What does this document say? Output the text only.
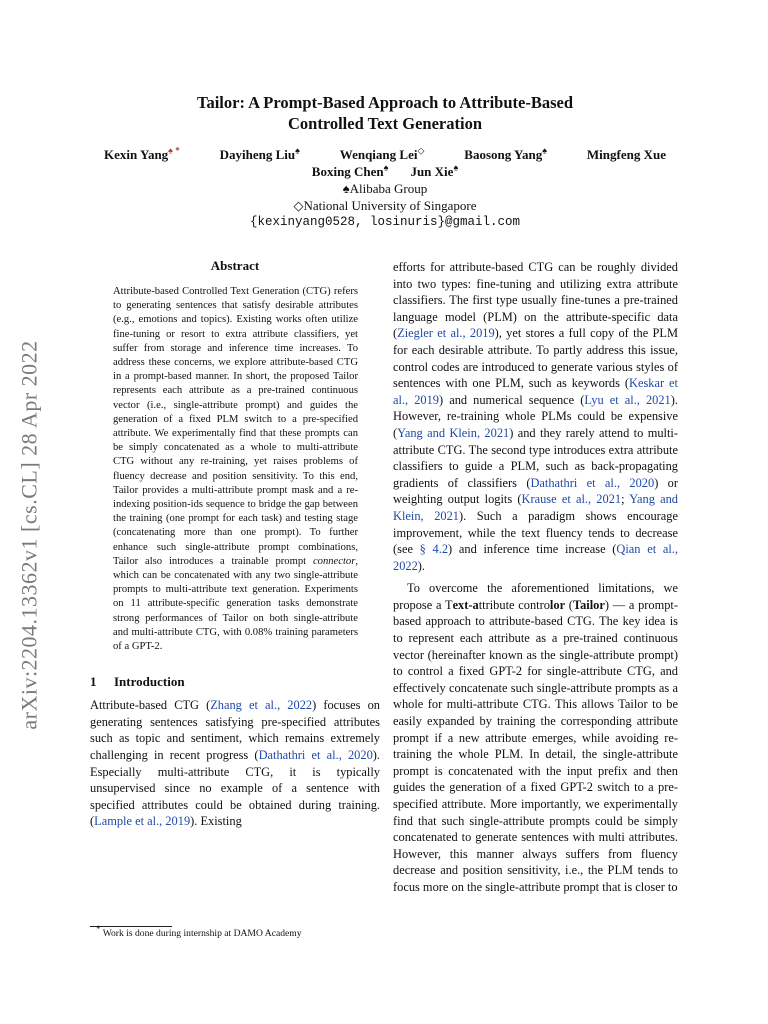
arXiv:2204.13362v1 [cs.CL] 28 Apr 2022
Tailor: A Prompt-Based Approach to Attribute-Based
Controlled Text Generation
Kexin Yang♠ *	Dayiheng Liu♠	Wenqiang Lei◇	Baosong Yang♠	Mingfeng Xue
Boxing Chen♠ Jun Xie♠
♠Alibaba Group
◇National University of Singapore
{kexinyang0528, losinuris}@gmail.com
Abstract

Attribute-based Controlled Text Generation (CTG) refers to generating sentences that satisfy desirable attributes (e.g., emotions and topics). Existing works often utilize fine-tuning or resort to extra attribute classifiers, yet suffer from storage and inference time increases. To address these concerns, we explore attribute-based CTG in a prompt-based manner. In short, the proposed Tailor represents each attribute as a pre-trained continuous vector (i.e., single-attribute prompt) and guides the generation of a fixed PLM switch to a pre-specified attribute. We experimentally find that these prompts can be simply concatenated as a whole to multi-attribute CTG without any re-training, yet raises problems of fluency decrease and position sensitivity. To this end, Tailor provides a multi-attribute prompt mask and a re-indexing position-ids sequence to bridge the gap between the training (one prompt for each task) and testing stage (concatenating more than one prompt). To further enhance such single-attribute prompt combinations, Tailor also introduces a trainable prompt connector, which can be concatenated with any two single-attribute prompts to multi-attribute text generation. Experiments on 11 attribute-specific generation tasks demonstrate strong performances of Tailor on both single-attribute and multi-attribute CTG, with 0.08% training parameters of a GPT-2.

1 Introduction

Attribute-based CTG (Zhang et al., 2022) focuses on generating sentences satisfying pre-specified attributes such as topic and sentiment, which remains extremely challenging in recent progress (Dathathri et al., 2020). Especially multi-attribute CTG, it is typically unsupervised since no example of a sentence with specified attributes could be obtained during training. (Lample et al., 2019). Existing

efforts for attribute-based CTG can be roughly divided into two types: fine-tuning and utilizing extra attribute classifiers. The first type usually fine-tunes a pre-trained language model (PLM) on the attribute-specific data (Ziegler et al., 2019), yet stores a full copy of the PLM for each desirable attribute. To partly address this issue, control codes are introduced to generate various styles of sentences with one PLM, such as keywords (Keskar et al., 2019) and numerical sequence (Lyu et al., 2021). However, re-training whole PLMs could be expensive (Yang and Klein, 2021) and they rarely attend to multi-attribute CTG. The second type introduces extra attribute classifiers to guide a PLM, such as back-propagating gradients of classifiers (Dathathri et al., 2020) or weighting output logits (Krause et al., 2021; Yang and Klein, 2021). Such a paradigm shows encourage improvement, while the text fluency tends to decrease (see § 4.2) and inference time increase (Qian et al., 2022).

To overcome the aforementioned limitations, we propose a Text-attribute controlor (Tailor) — a prompt-based approach to attribute-based CTG. The key idea is to represent each attribute as a pre-trained continuous vector (hereinafter known as the single-attribute prompt) to control a fixed GPT-2 for single-attribute CTG, and effectively concatenate such single-attribute prompts as a whole for multi-attribute CTG. This allows Tailor to be easily expanded by training the corresponding attribute prompt if a new attribute emerges, while avoiding re-training the whole PLM. In detail, the single-attribute prompt is concatenated with the input prefix and then guides the generation of a fixed GPT-2 switch to a pre-specified attribute. More importantly, we experimentally find that such single-attribute prompts could be simply concatenated to generate sentences with multi attributes. However, this manner always suffers from fluency decrease and position sensitivity, i.e., the PLM tends to focus more on the single-attribute prompt that is closer to

* Work is done during internship at DAMO Academy
